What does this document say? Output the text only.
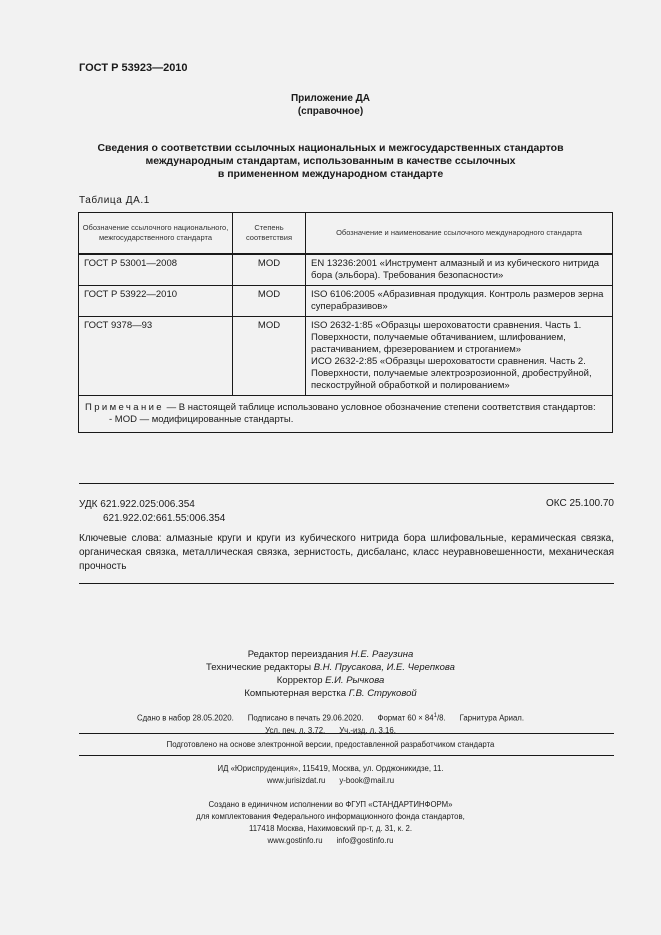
ГОСТ Р 53923—2010
Приложение ДА
(справочное)
Сведения о соответствии ссылочных национальных и межгосударственных стандартов
международным стандартам, использованным в качестве ссылочных
в примененном международном стандарте
Таблица ДА.1
Обозначение ссылочного национального, межгосударственного стандарта	Степень соответствия	Обозначение и наименование ссылочного международного стандарта
ГОСТ Р 53001—2008	MOD	EN 13236:2001 «Инструмент алмазный и из кубического нитрида бора (эльбора). Требования безопасности»
ГОСТ Р 53922—2010	MOD	ISO 6106:2005 «Абразивная продукция. Контроль размеров зерна суперабразивов»
ГОСТ 9378—93	MOD	ISO 2632-1:85 «Образцы шероховатости сравнения. Часть 1. Поверхности, получаемые обтачиванием, шлифованием, растачиванием, фрезерованием и строганием»
ИСО 2632-2:85 «Образцы шероховатости сравнения. Часть 2. Поверхности, получаемые электроэрозионной, дробеструйной, пескоструйной обработкой и полированием»

Примечание — В настоящей таблице использовано условное обозначение степени соответствия стандартов:
- MOD — модифицированные стандарты.		
УДК 621.922.025:006.354
621.922.02:661.55:006.354
ОКС 25.100.70
Ключевые слова: алмазные круги и круги из кубического нитрида бора шлифовальные, керамическая связка, органическая связка, металлическая связка, зернистость, дисбаланс, класс неуравновешенности, механическая прочность
Редактор переиздания Н.Е. Рагузина
Технические редакторы В.Н. Прусакова, И.Е. Черепкова
Корректор Е.И. Рычкова
Компьютерная верстка Г.В. Струковой
Сдано в набор 28.05.2020. Подписано в печать 29.06.2020. Формат $60 \times 84^1/8$. Гарнитура Ариал.
Усл. печ. л. 3,72. Уч.-изд. л. 3,16.
Подготовлено на основе электронной версии, предоставленной разработчиком стандарта
ИД «Юриспруденция», 115419, Москва, ул. Орджоникидзе, 11.
www.jurisizdat.ru y-book@mail.ru
Создано в единичном исполнении во ФГУП «СТАНДАРТИНФОРМ»
для комплектования Федерального информационного фонда стандартов,
117418 Москва, Нахимовский пр-т, д. 31, к. 2.
www.gostinfo.ru info@gostinfo.ru
